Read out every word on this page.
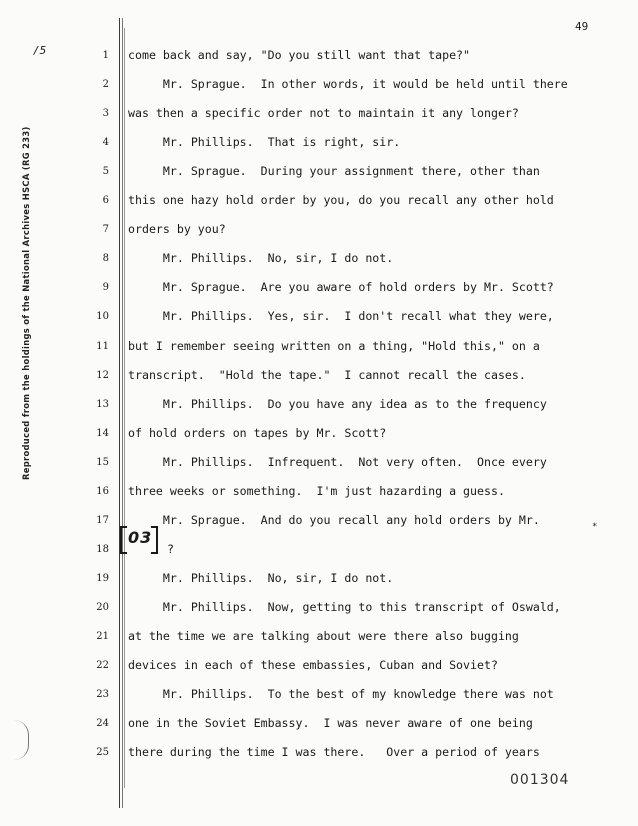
49
/5
Reproduced from the holdings of the National Archives HSCA (RG 233)
1 come back and say, "Do you still want that tape?"
2 Mr. Sprague.  In other words, it would be held until there
3 was then a specific order not to maintain it any longer?
4 Mr. Phillips.  That is right, sir.
5 Mr. Sprague.  During your assignment there, other than
6 this one hazy hold order by you, do you recall any other hold
7 orders by you?
8 Mr. Phillips.  No, sir, I do not.
9 Mr. Sprague.  Are you aware of hold orders by Mr. Scott?
10 Mr. Phillips.  Yes, sir.  I don't recall what they were,
11 but I remember seeing written on a thing, "Hold this," on a
12 transcript.  "Hold the tape."  I cannot recall the cases.
13 Mr. Phillips.  Do you have any idea as to the frequency
14 of hold orders on tapes by Mr. Scott?
15 Mr. Phillips.  Infrequent.  Not very often.  Once every
16 three weeks or something.  I'm just hazarding a guess.
17 Mr. Sprague.  And do you recall any hold orders by Mr.
18
19 Mr. Phillips.  No, sir, I do not.
20 Mr. Phillips.  Now, getting to this transcript of Oswald,
21 at the time we are talking about were there also bugging
22 devices in each of these embassies, Cuban and Soviet?
23 Mr. Phillips.  To the best of my knowledge there was not
24 one in the Soviet Embassy.  I was never aware of one being
25 there during the time I was there.   Over a period of years
03
?
*
001304
